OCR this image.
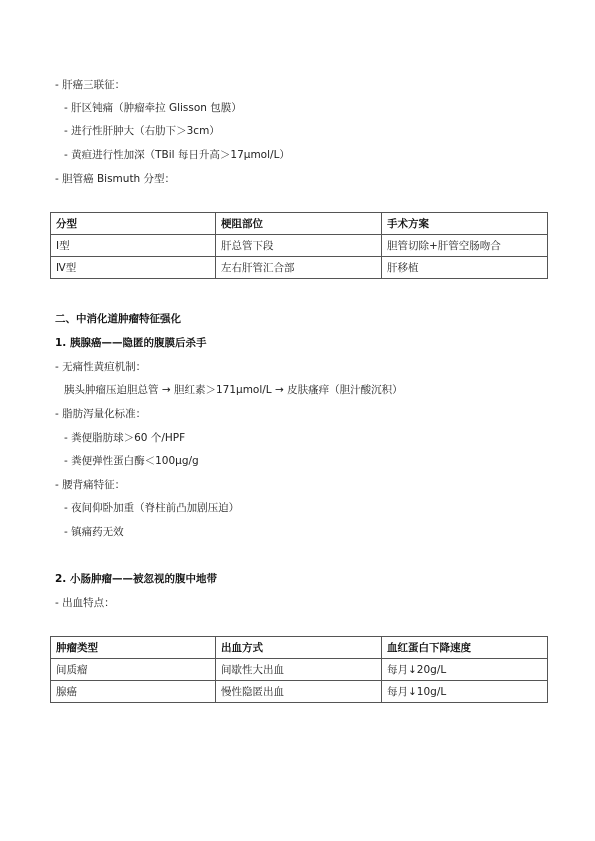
- 肝癌三联征：
- 肝区钝痛（肿瘤牵拉 Glisson 包膜）
- 进行性肝肿大（右肋下＞3cm）
- 黄疸进行性加深（TBil 每日升高＞17μmol/L）
- 胆管癌 Bismuth 分型：
分型	梗阻部位	手术方案
Ⅰ型	肝总管下段	胆管切除+肝管空肠吻合
Ⅳ型	左右肝管汇合部	肝移植
二、中消化道肿瘤特征强化
1. 胰腺癌——隐匿的腹膜后杀手
- 无痛性黄疸机制：
胰头肿瘤压迫胆总管 → 胆红素＞171μmol/L → 皮肤瘙痒（胆汁酸沉积）
- 脂肪泻量化标准：
- 粪便脂肪球＞60 个/HPF
- 粪便弹性蛋白酶＜100μg/g
- 腰背痛特征：
- 夜间仰卧加重（脊柱前凸加剧压迫）
- 镇痛药无效
2. 小肠肿瘤——被忽视的腹中地带
- 出血特点：
肿瘤类型	出血方式	血红蛋白下降速度
间质瘤	间歇性大出血	每月↓20g/L
腺癌	慢性隐匿出血	每月↓10g/L
